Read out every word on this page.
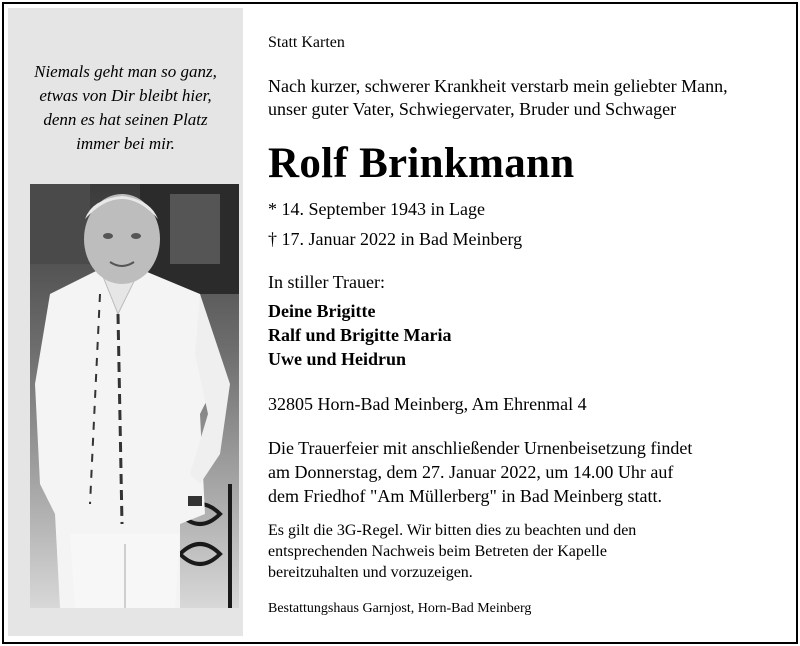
Niemals geht man so ganz,
etwas von Dir bleibt hier,
denn es hat seinen Platz
immer bei mir.
Statt Karten
Nach kurzer, schwerer Krankheit verstarb mein geliebter Mann,
unser guter Vater, Schwiegervater, Bruder und Schwager
Rolf Brinkmann
* 14. September 1943 in Lage
† 17. Januar 2022 in Bad Meinberg
In stiller Trauer:
Deine Brigitte
Ralf und Brigitte Maria
Uwe und Heidrun
32805 Horn-Bad Meinberg, Am Ehrenmal 4
Die Trauerfeier mit anschließender Urnenbeisetzung findet
am Donnerstag, dem 27. Januar 2022, um 14.00 Uhr auf
dem Friedhof "Am Müllerberg" in Bad Meinberg statt.
Es gilt die 3G-Regel. Wir bitten dies zu beachten und den
entsprechenden Nachweis beim Betreten der Kapelle
bereitzuhalten und vorzuzeigen.
Bestattungshaus Garnjost, Horn-Bad Meinberg
